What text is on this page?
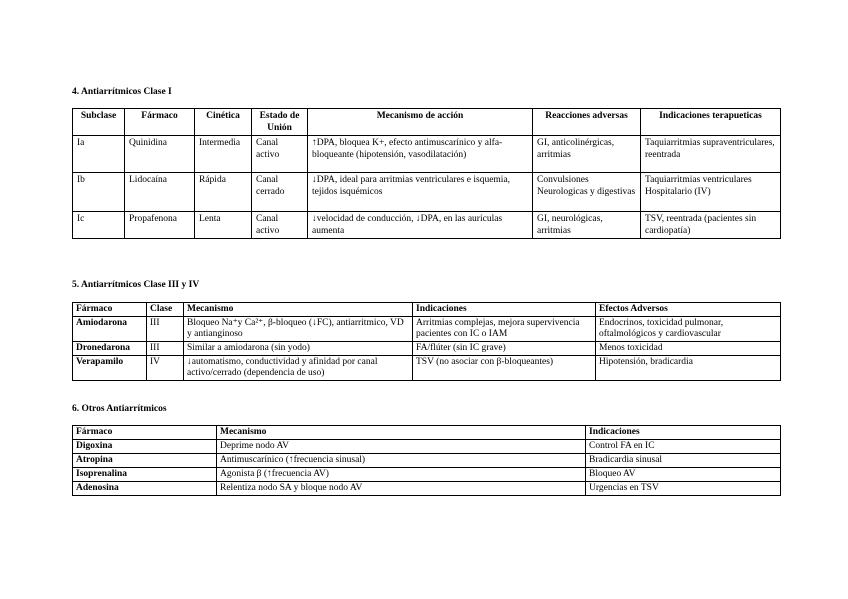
4. Antiarrítmicos Clase I
Subclase	Fármaco	Cinética	Estado de Unión	Mecanismo de acción	Reacciones adversas	Indicaciones terapueticas
Ia	Quinidina	Intermedia	Canal activo	↑DPA, bloquea K+, efecto antimuscarínico y alfa-bloqueante (hipotensión, vasodilatación)	GI, anticolinérgicas, arritmias	Taquiarritmias supraventriculares, reentrada
Ib	Lidocaína	Rápida	Canal cerrado	↓DPA, ideal para arritmias ventriculares e isquemia, tejidos isquémicos	Convulsiones Neurologicas y digestivas	Taquiarritmias ventriculares Hospitalario (IV)
Ic	Propafenona	Lenta	Canal activo	↓velocidad de conducción, ↓DPA, en las aurículas aumenta	GI, neurológicas, arritmias	TSV, reentrada (pacientes sin cardiopatía)
5. Antiarrítmicos Clase III y IV
Fármaco	Clase	Mecanismo	Indicaciones	Efectos Adversos
Amiodarona	III	Bloqueo Na⁺y Ca²⁺, β-bloqueo (↓FC), antiarritmico, VD y antianginoso	Arritmias complejas, mejora supervivencia pacientes con IC o IAM	Endocrinos, toxicidad pulmonar, oftalmológicos y cardiovascular
Dronedarona	III	Similar a amiodarona (sin yodo)	FA/flúter (sin IC grave)	Menos toxicidad
Verapamilo	IV	↓automatismo, conductividad y afinidad por canal activo/cerrado (dependencia de uso)	TSV (no asociar con β-bloqueantes)	Hipotensión, bradicardia
6. Otros Antiarrítmicos
Fármaco	Mecanismo	Indicaciones
Digoxina	Deprime nodo AV	Control FA en IC
Atropina	Antimuscarínico (↑frecuencia sinusal)	Bradicardia sinusal
Isoprenalina	Agonista β (↑frecuencia AV)	Bloqueo AV
Adenosina	Relentiza nodo SA y bloque nodo AV	Urgencias en TSV
